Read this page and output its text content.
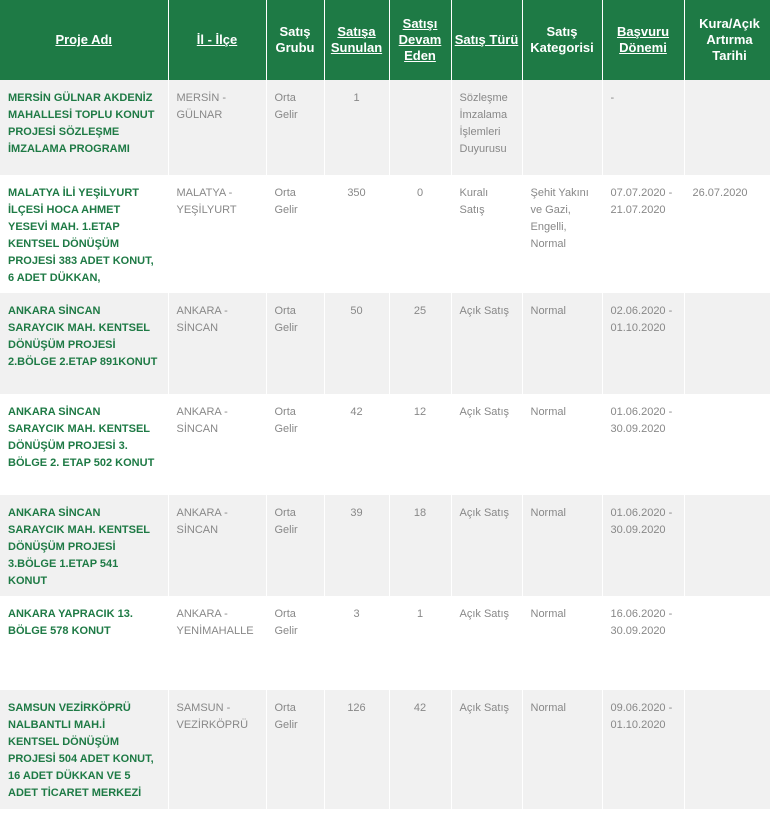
Proje Adı	İl - İlçe	Satış Grubu	Satışa Sunulan	Satışı Devam Eden	Satış Türü	Satış Kategorisi	Başvuru Dönemi	Kura/Açık Artırma Tarihi
MERSİN GÜLNAR AKDENİZ MAHALLESİ TOPLU KONUT PROJESİ SÖZLEŞME İMZALAMA PROGRAMI	MERSİN - GÜLNAR	Orta Gelir	1		Sözleşme İmzalama İşlemleri Duyurusu		-	
MALATYA İLİ YEŞİLYURT İLÇESİ HOCA AHMET YESEVİ MAH. 1.ETAP KENTSEL DÖNÜŞÜM PROJESİ 383 ADET KONUT, 6 ADET DÜKKAN,	MALATYA - YEŞİLYURT	Orta Gelir	350	0	Kuralı Satış	Şehit Yakını ve Gazi, Engelli, Normal	07.07.2020 - 21.07.2020	26.07.2020
ANKARA SİNCAN SARAYCIK MAH. KENTSEL DÖNÜŞÜM PROJESİ 2.BÖLGE 2.ETAP 891KONUT	ANKARA - SİNCAN	Orta Gelir	50	25	Açık Satış	Normal	02.06.2020 - 01.10.2020	
ANKARA SİNCAN SARAYCIK MAH. KENTSEL DÖNÜŞÜM PROJESİ 3. BÖLGE 2. ETAP 502 KONUT	ANKARA - SİNCAN	Orta Gelir	42	12	Açık Satış	Normal	01.06.2020 - 30.09.2020	
ANKARA SİNCAN SARAYCIK MAH. KENTSEL DÖNÜŞÜM PROJESİ 3.BÖLGE 1.ETAP 541 KONUT	ANKARA - SİNCAN	Orta Gelir	39	18	Açık Satış	Normal	01.06.2020 - 30.09.2020	
ANKARA YAPRACIK 13. BÖLGE 578 KONUT	ANKARA - YENİMAHALLE	Orta Gelir	3	1	Açık Satış	Normal	16.06.2020 - 30.09.2020	
SAMSUN VEZİRKÖPRÜ NALBANTLI MAH.İ KENTSEL DÖNÜŞÜM PROJESİ 504 ADET KONUT, 16 ADET DÜKKAN VE 5 ADET TİCARET MERKEZİ	SAMSUN - VEZİRKÖPRÜ	Orta Gelir	126	42	Açık Satış	Normal	09.06.2020 - 01.10.2020	
